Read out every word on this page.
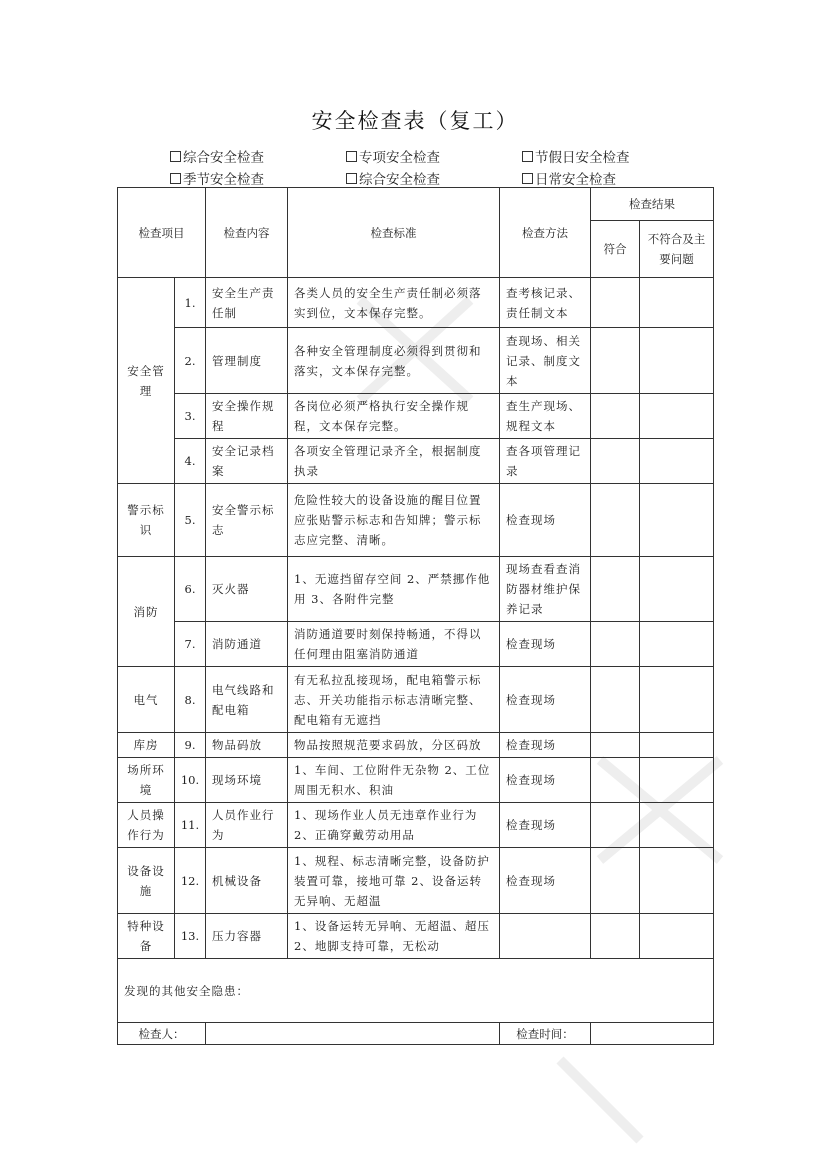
安全检查表（复工）
综合安全检查	专项安全检查	节假日安全检查
季节安全检查	综合安全检查	日常安全检查
检查项目		检查内容	检查标准	检查方法	检查结果	
					符合	不符合及主要问题
安全管理	1.	安全生产责任制	各类人员的安全生产责任制必须落实到位，文本保存完整。	查考核记录、责任制文本		
	2.	管理制度	各种安全管理制度必须得到贯彻和落实，文本保存完整。	查现场、相关记录、制度文本		
	3.	安全操作规程	各岗位必须严格执行安全操作规程，文本保存完整。	查生产现场、规程文本		
	4.	安全记录档案	各项安全管理记录齐全，根据制度执录	查各项管理记录		
警示标识	5.	安全警示标志	危险性较大的设备设施的醒目位置应张贴警示标志和告知牌；警示标志应完整、清晰。	检查现场		
消防	6.	灭火器	1、无遮挡留存空间 2、严禁挪作他用 3、各附件完整	现场查看查消防器材维护保养记录		
	7.	消防通道	消防通道要时刻保持畅通，不得以任何理由阻塞消防通道	检查现场		
电气	8.	电气线路和配电箱	有无私拉乱接现场，配电箱警示标志、开关功能指示标志清晰完整、配电箱有无遮挡	检查现场		
库房	9.	物品码放	物品按照规范要求码放，分区码放	检查现场		
场所环境	10.	现场环境	1、车间、工位附件无杂物 2、工位周围无积水、积油	检查现场		
人员操作行为	11.	人员作业行为	1、现场作业人员无违章作业行为 2、正确穿戴劳动用品	检查现场		
设备设施	12.	机械设备	1、规程、标志清晰完整，设备防护装置可靠，接地可靠 2、设备运转无异响、无超温	检查现场		
特种设备	13.	压力容器	1、设备运转无异响、无超温、超压 2、地脚支持可靠，无松动			
发现的其他安全隐患：						
检查人：				检查时间：		
